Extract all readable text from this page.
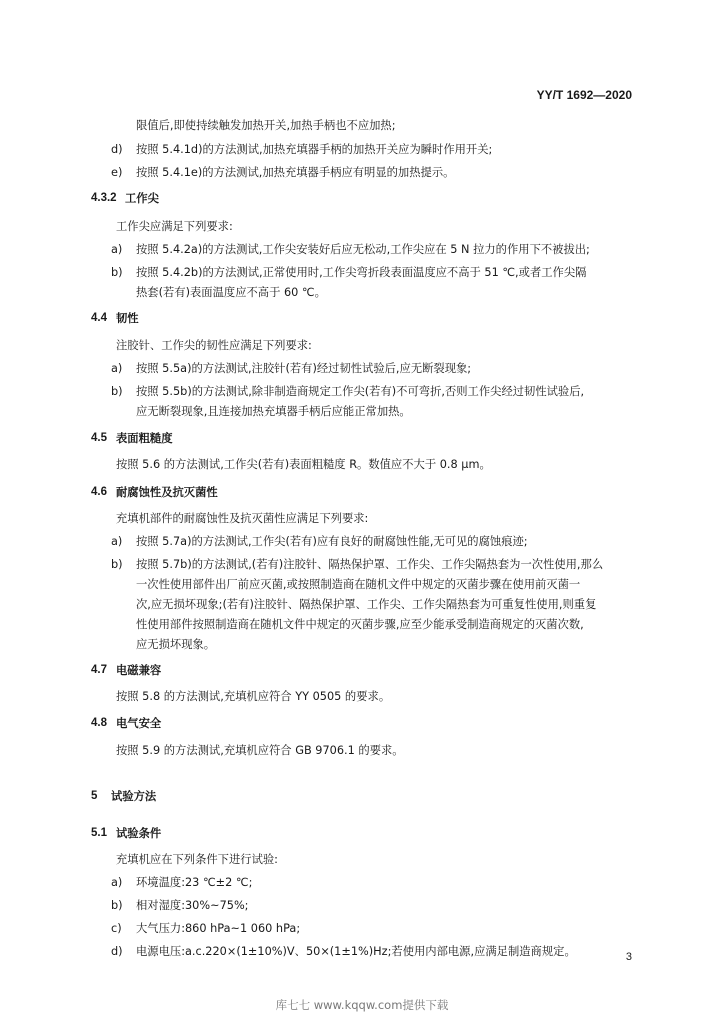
YY/T 1692—2020
限值后,即使持续触发加热开关,加热手柄也不应加热;
d) 按照 5.4.1d)的方法测试,加热充填器手柄的加热开关应为瞬时作用开关;
e) 按照 5.4.1e)的方法测试,加热充填器手柄应有明显的加热提示。
4.3.2 工作尖
工作尖应满足下列要求:
a) 按照 5.4.2a)的方法测试,工作尖安装好后应无松动,工作尖应在 5 N 拉力的作用下不被拔出;
b) 按照 5.4.2b)的方法测试,正常使用时,工作尖弯折段表面温度应不高于 51 ℃,或者工作尖隔
热套(若有)表面温度应不高于 60 ℃。
4.4 韧性
注胶针、工作尖的韧性应满足下列要求:
a) 按照 5.5a)的方法测试,注胶针(若有)经过韧性试验后,应无断裂现象;
b) 按照 5.5b)的方法测试,除非制造商规定工作尖(若有)不可弯折,否则工作尖经过韧性试验后,
应无断裂现象,且连接加热充填器手柄后应能正常加热。
4.5 表面粗糙度
按照 5.6 的方法测试,工作尖(若有)表面粗糙度 R。数值应不大于 0.8 μm。
4.6 耐腐蚀性及抗灭菌性
充填机部件的耐腐蚀性及抗灭菌性应满足下列要求:
a) 按照 5.7a)的方法测试,工作尖(若有)应有良好的耐腐蚀性能,无可见的腐蚀痕迹;
b) 按照 5.7b)的方法测试,(若有)注胶针、隔热保护罩、工作尖、工作尖隔热套为一次性使用,那么
一次性使用部件出厂前应灭菌,或按照制造商在随机文件中规定的灭菌步骤在使用前灭菌一
次,应无损坏现象;(若有)注胶针、隔热保护罩、工作尖、工作尖隔热套为可重复性使用,则重复
性使用部件按照制造商在随机文件中规定的灭菌步骤,应至少能承受制造商规定的灭菌次数,
应无损坏现象。
4.7 电磁兼容
按照 5.8 的方法测试,充填机应符合 YY 0505 的要求。
4.8 电气安全
按照 5.9 的方法测试,充填机应符合 GB 9706.1 的要求。
5 试验方法
5.1 试验条件
充填机应在下列条件下进行试验:
a) 环境温度:23 ℃±2 ℃;
b) 相对湿度:30%~75%;
c) 大气压力:860 hPa~1 060 hPa;
d) 电源电压:a.c.220×(1±10%)V、50×(1±1%)Hz;若使用内部电源,应满足制造商规定。	3
库七七 www.kqqw.com提供下载
